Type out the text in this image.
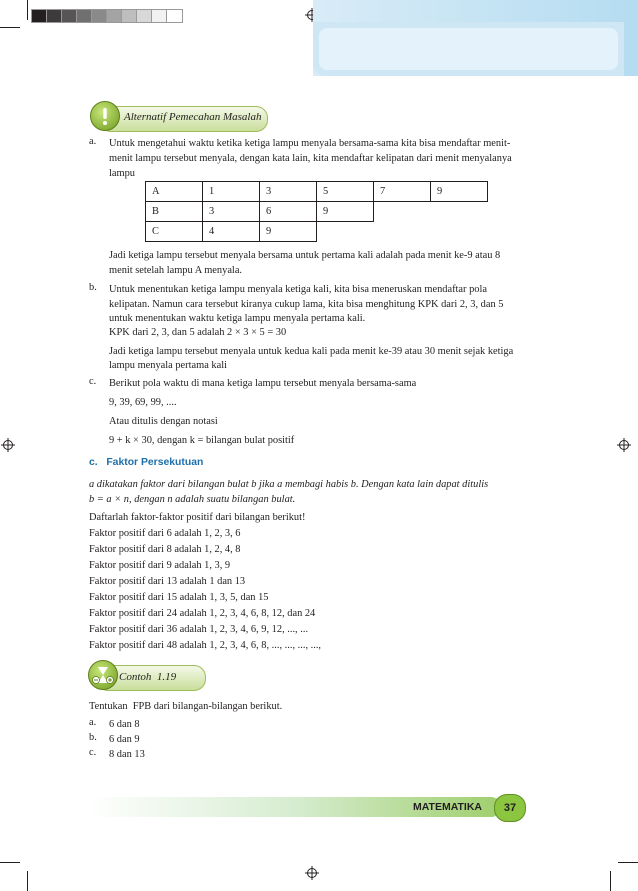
Alternatif Pemecahan Masalah
a. Untuk mengetahui waktu ketika ketiga lampu menyala bersama-sama kita bisa mendaftar menit-
menit lampu tersebut menyala, dengan kata lain, kita mendaftar kelipatan dari menit menyalanya
lampu
A	1	3	5	7	9
B	3	6	9		
C	4	9			
Jadi ketiga lampu tersebut menyala bersama untuk pertama kali adalah pada menit ke-9 atau 8
menit setelah lampu A menyala.
b. Untuk menentukan ketiga lampu menyala ketiga kali, kita bisa meneruskan mendaftar pola
kelipatan. Namun cara tersebut kiranya cukup lama, kita bisa menghitung KPK dari 2, 3, dan 5
untuk menentukan waktu ketiga lampu menyala pertama kali.
KPK dari 2, 3, dan 5 adalah 2 × 3 × 5 = 30
Jadi ketiga lampu tersebut menyala untuk kedua kali pada menit ke-39 atau 30 menit sejak ketiga
lampu menyala pertama kali
c. Berikut pola waktu di mana ketiga lampu tersebut menyala bersama-sama
9, 39, 69, 99, ....
Atau ditulis dengan notasi
9 + k × 30, dengan k = bilangan bulat positif
c.   Faktor Persekutuan
a dikatakan faktor dari bilangan bulat b jika a membagi habis b. Dengan kata lain dapat ditulis
b = a × n, dengan n adalah suatu bilangan bulat.
Daftarlah faktor-faktor positif dari bilangan berikut!
Faktor positif dari 6 adalah 1, 2, 3, 6
Faktor positif dari 8 adalah 1, 2, 4, 8
Faktor positif dari 9 adalah 1, 3, 9
Faktor positif dari 13 adalah 1 dan 13
Faktor positif dari 15 adalah 1, 3, 5, dan 15
Faktor positif dari 24 adalah 1, 2, 3, 4, 6, 8, 12, dan 24
Faktor positif dari 36 adalah 1, 2, 3, 4, 6, 9, 12, ..., ...
Faktor positif dari 48 adalah 1, 2, 3, 4, 6, 8, ..., ..., ..., ...,
Contoh  1.19
Tentukan  FPB dari bilangan-bilangan berikut.
a. 6 dan 8
b. 6 dan 9
c. 8 dan 13
MATEMATIKA	37
